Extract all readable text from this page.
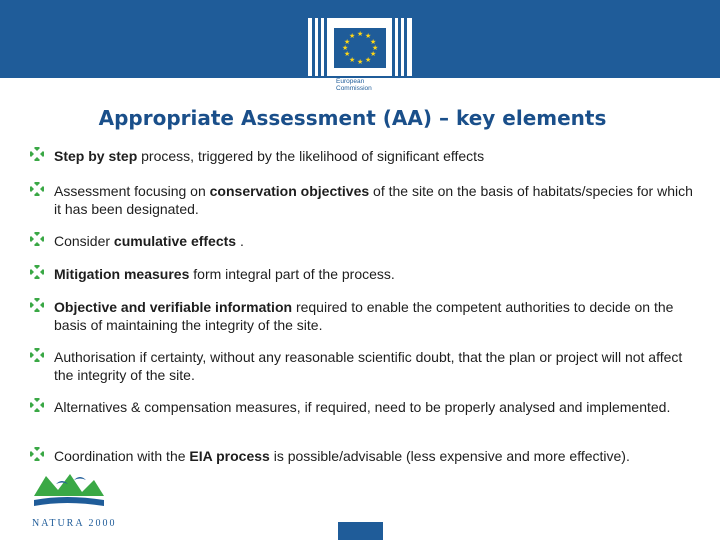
★ ★
★
★
★
★
★
★
★
★
★
★
European
Commission
Appropriate Assessment (AA) – key elements
Step by step process, triggered by the likelihood of significant effects
Assessment focusing on conservation objectives of the site on the basis of habitats/species for which it has been designated.
Consider cumulative effects .
Mitigation measures form integral part of the process.
Objective and verifiable information required to enable the competent authorities to decide on the basis of maintaining the integrity of the site.
Authorisation if certainty, without any reasonable scientific doubt, that the plan or project will not affect the integrity of the site.
Alternatives & compensation measures, if required, need to be properly analysed and implemented.
Coordination with the EIA process is possible/advisable (less expensive and more effective).
NATURA 2000
